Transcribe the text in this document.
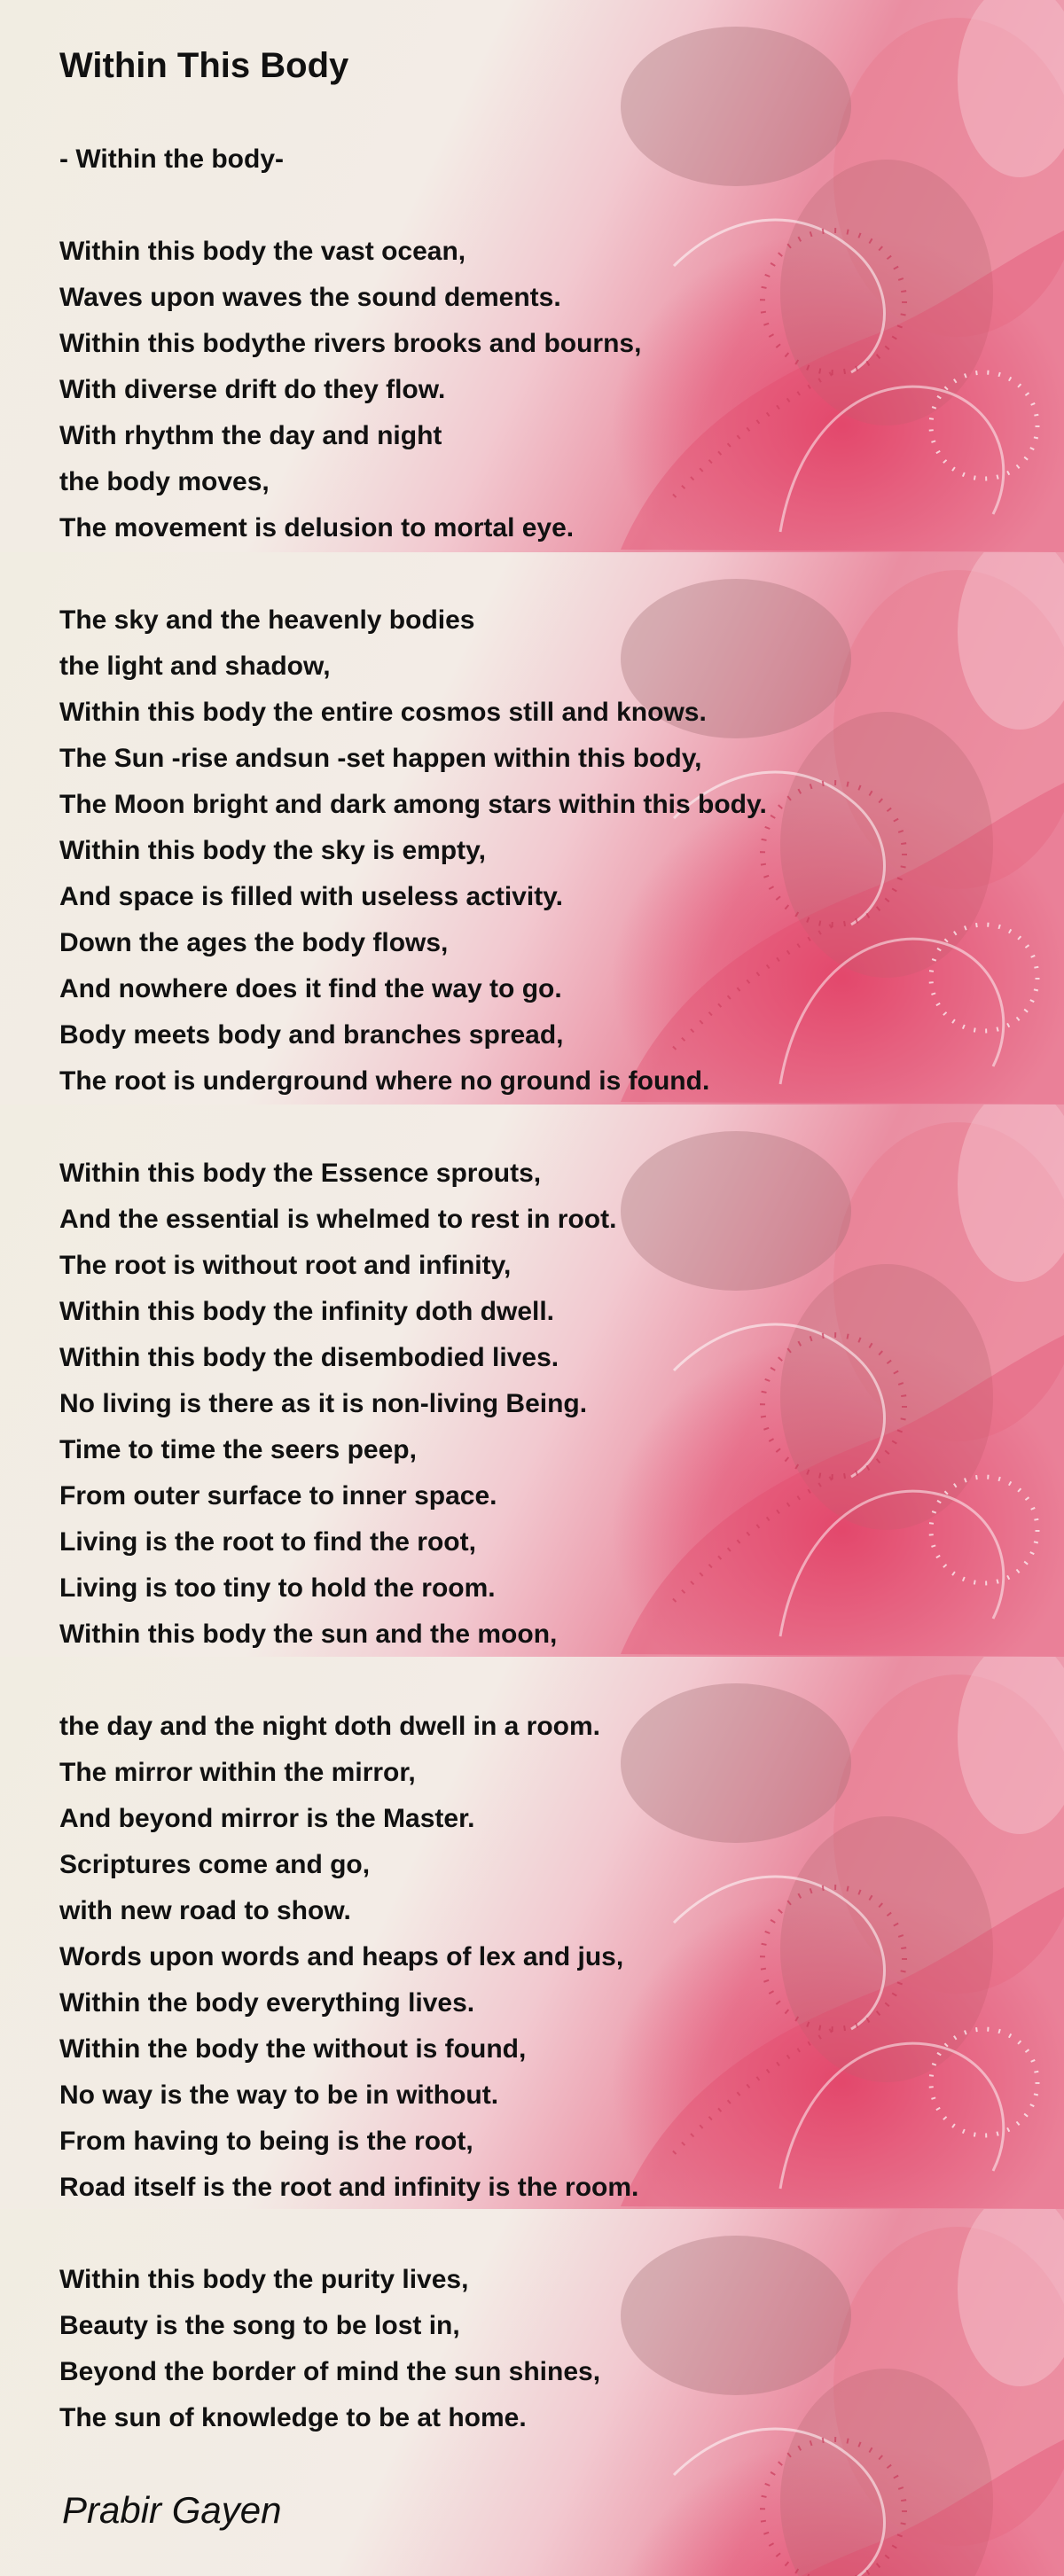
Within This Body
- Within the body-
Within this body the vast ocean,
Waves upon waves the sound dements.
Within this bodythe rivers brooks and bourns,
With diverse drift do they flow.
With rhythm the day and night
the body moves,
The movement is delusion to mortal eye.
The sky and the heavenly bodies
the light and shadow,
Within this body the entire cosmos still and knows.
The Sun -rise andsun -set happen within this body,
The Moon bright and dark among stars within this body.
Within this body the sky is empty,
And space is filled with useless activity.
Down the ages the body flows,
And nowhere does it find the way to go.
Body meets body and branches spread,
The root is underground where no ground is found.
Within this body the Essence sprouts,
And the essential is whelmed to rest in root.
The root is without root and infinity,
Within this body the infinity doth dwell.
Within this body the disembodied lives.
No living is there as it is non-living Being.
Time to time the seers peep,
From outer surface to inner space.
Living is the root to find the root,
Living is too tiny to hold the room.
Within this body the sun and the moon,
the day and the night doth dwell in a room.
The mirror within the mirror,
And beyond mirror is the Master.
Scriptures come and go,
with new road to show.
Words upon words and heaps of lex and jus,
Within the body everything lives.
Within the body the without is found,
No way is the way to be in without.
From having to being is the root,
Road itself is the root and infinity is the room.
Within this body the purity lives,
Beauty is the song to be lost in,
Beyond the border of mind the sun shines,
The sun of knowledge to be at home.
Prabir Gayen
